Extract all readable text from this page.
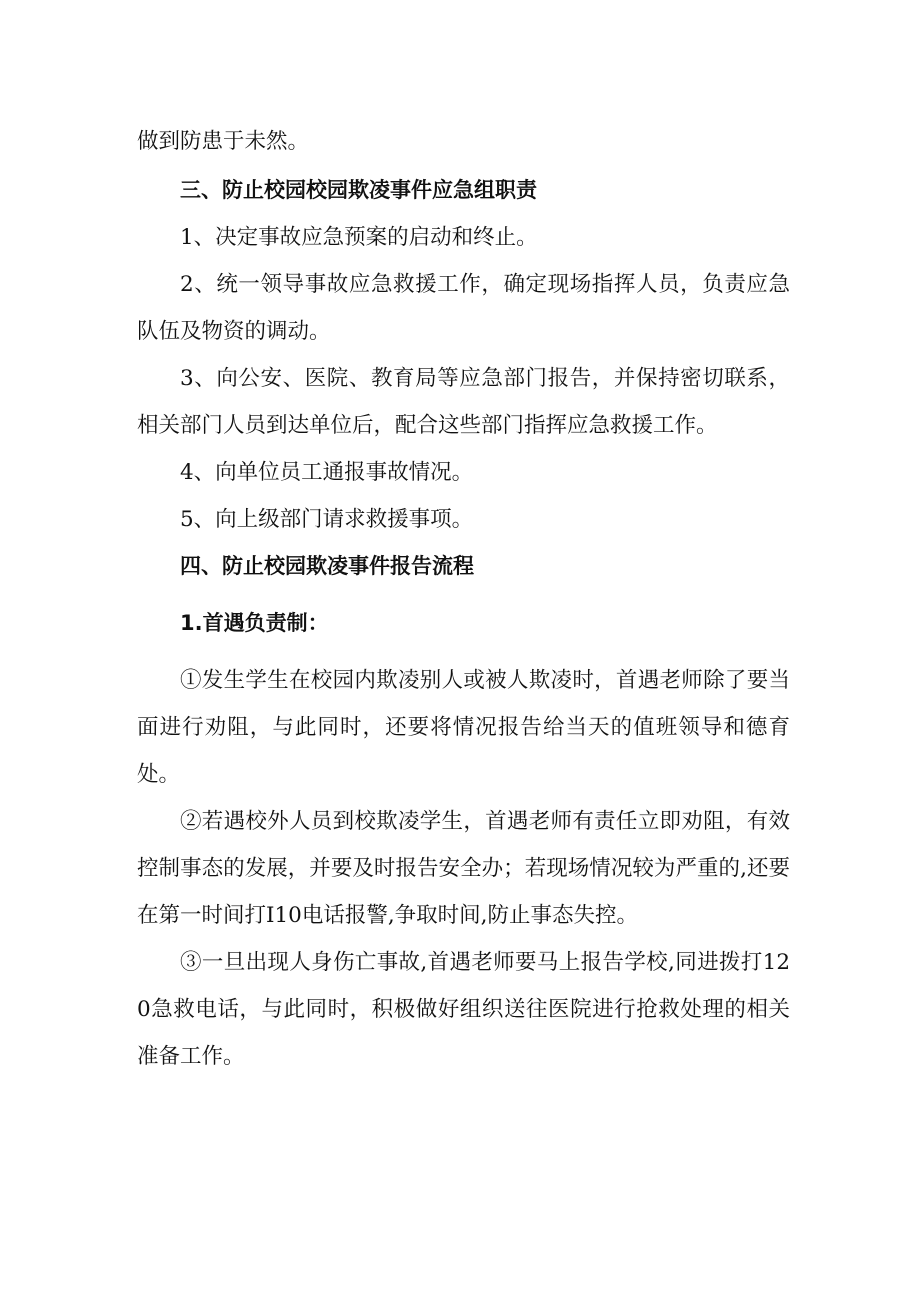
做到防患于未然。

三、防止校园校园欺凌事件应急组职责

1、决定事故应急预案的启动和终止。

2、统一领导事故应急救援工作，确定现场指挥人员，负责应急队伍及物资的调动。

3、向公安、医院、教育局等应急部门报告，并保持密切联系，相关部门人员到达单位后，配合这些部门指挥应急救援工作。

4、向单位员工通报事故情况。

5、向上级部门请求救援事项。

四、防止校园欺凌事件报告流程

1.首遇负责制：

①发生学生在校园内欺凌别人或被人欺凌时，首遇老师除了要当面进行劝阻，与此同时，还要将情况报告给当天的值班领导和德育处。

②若遇校外人员到校欺凌学生，首遇老师有责任立即劝阻，有效控制事态的发展，并要及时报告安全办；若现场情况较为严重的,还要在第一时间打I10电话报警,争取时间,防止事态失控。

③一旦出现人身伤亡事故,首遇老师要马上报告学校,同进拨打120急救电话，与此同时，积极做好组织送往医院进行抢救处理的相关准备工作。
